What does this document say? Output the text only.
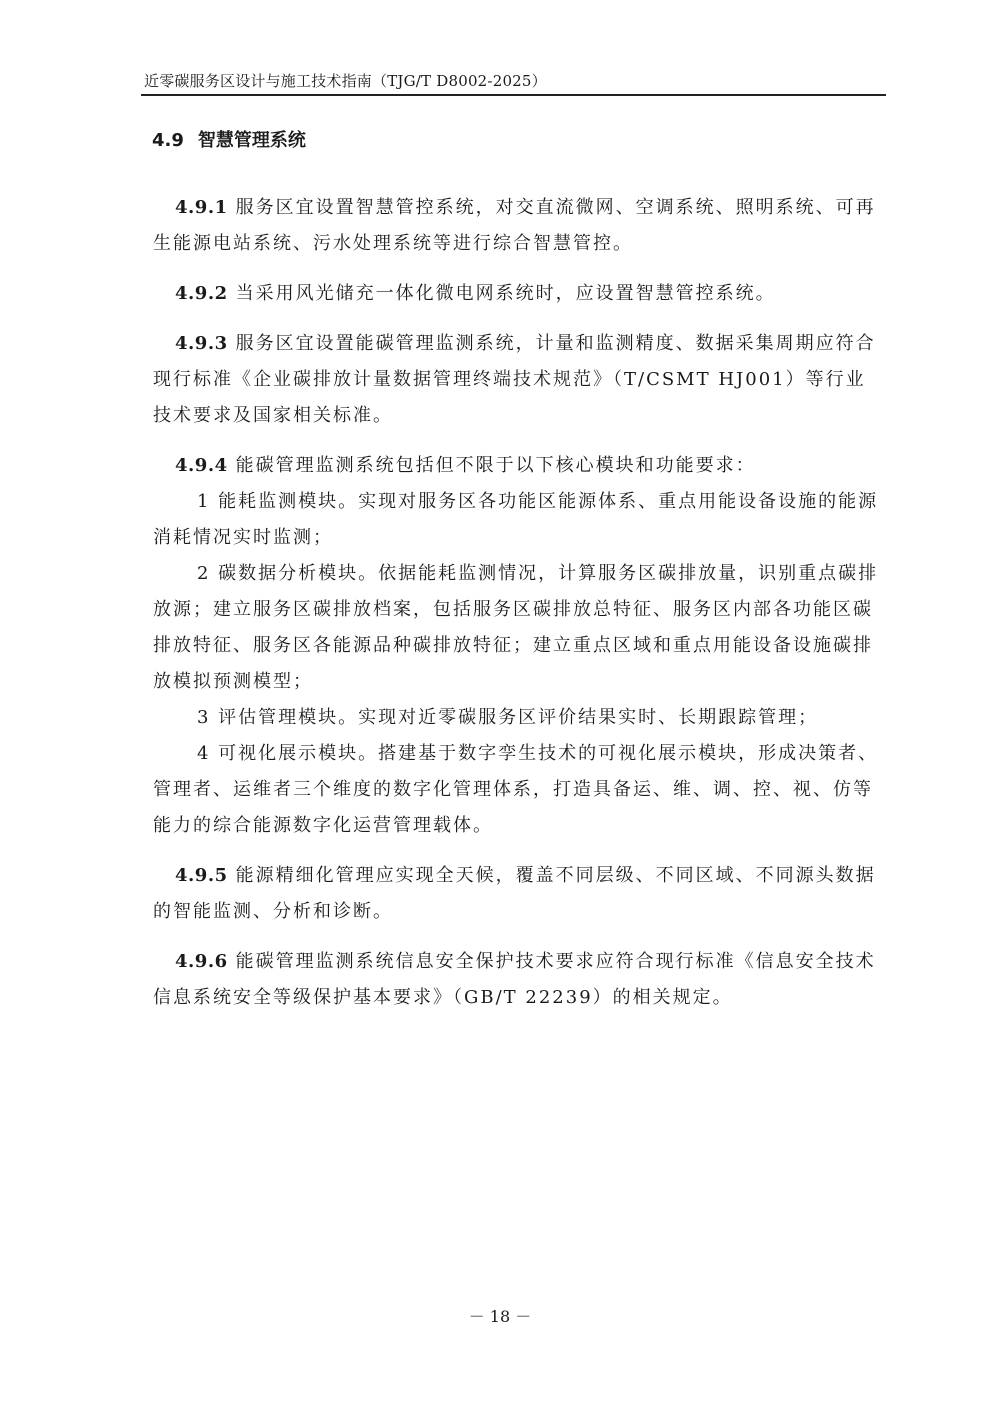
近零碳服务区设计与施工技术指南（TJG/T D8002-2025）
4.9 智慧管理系统

4.9.1 服务区宜设置智慧管控系统，对交直流微网、空调系统、照明系统、可再生能源电站系统、污水处理系统等进行综合智慧管控。

4.9.2 当采用风光储充一体化微电网系统时，应设置智慧管控系统。

4.9.3 服务区宜设置能碳管理监测系统，计量和监测精度、数据采集周期应符合现行标准《企业碳排放计量数据管理终端技术规范》（T/CSMT HJ001）等行业技术要求及国家相关标准。

4.9.4 能碳管理监测系统包括但不限于以下核心模块和功能要求：

1 能耗监测模块。实现对服务区各功能区能源体系、重点用能设备设施的能源消耗情况实时监测；

2 碳数据分析模块。依据能耗监测情况，计算服务区碳排放量，识别重点碳排放源；建立服务区碳排放档案，包括服务区碳排放总特征、服务区内部各功能区碳排放特征、服务区各能源品种碳排放特征；建立重点区域和重点用能设备设施碳排放模拟预测模型；

3 评估管理模块。实现对近零碳服务区评价结果实时、长期跟踪管理；

4 可视化展示模块。搭建基于数字孪生技术的可视化展示模块，形成决策者、管理者、运维者三个维度的数字化管理体系，打造具备运、维、调、控、视、仿等能力的综合能源数字化运营管理载体。

4.9.5 能源精细化管理应实现全天候，覆盖不同层级、不同区域、不同源头数据的智能监测、分析和诊断。

4.9.6 能碳管理监测系统信息安全保护技术要求应符合现行标准《信息安全技术 信息系统安全等级保护基本要求》（GB/T 22239）的相关规定。

－ 18 －
